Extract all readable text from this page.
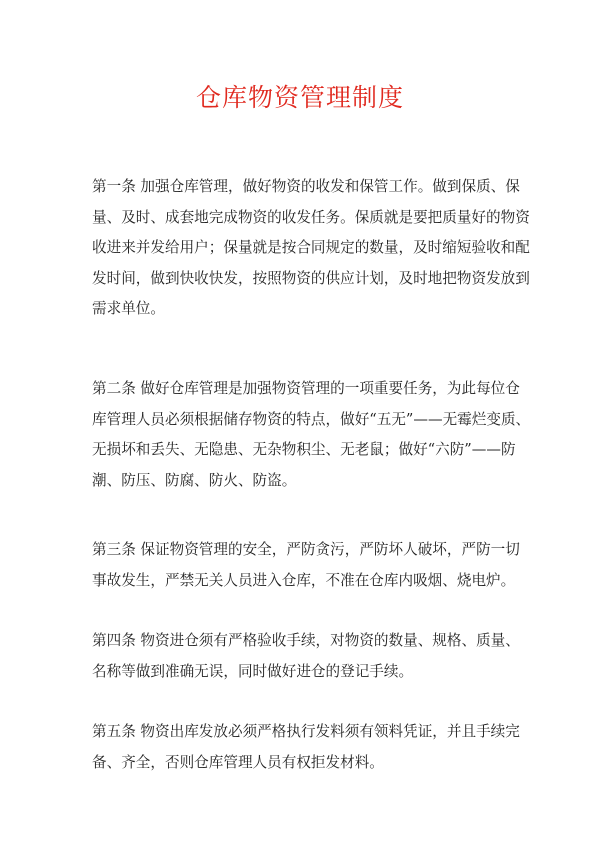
仓库物资管理制度
第一条 加强仓库管理，做好物资的收发和保管工作。做到保质、保
量、及时、成套地完成物资的收发任务。保质就是要把质量好的物资
收进来并发给用户；保量就是按合同规定的数量，及时缩短验收和配
发时间，做到快收快发，按照物资的供应计划，及时地把物资发放到
需求单位。
第二条 做好仓库管理是加强物资管理的一项重要任务，为此每位仓
库管理人员必须根据储存物资的特点，做好“五无”——无霉烂变质、
无损坏和丢失、无隐患、无杂物积尘、无老鼠；做好“六防”——防
潮、防压、防腐、防火、防盗。
第三条 保证物资管理的安全，严防贪污，严防坏人破坏，严防一切
事故发生，严禁无关人员进入仓库，不准在仓库内吸烟、烧电炉。
第四条 物资进仓须有严格验收手续，对物资的数量、规格、质量、
名称等做到准确无误，同时做好进仓的登记手续。
第五条 物资出库发放必须严格执行发料须有领料凭证，并且手续完
备、齐全，否则仓库管理人员有权拒发材料。
